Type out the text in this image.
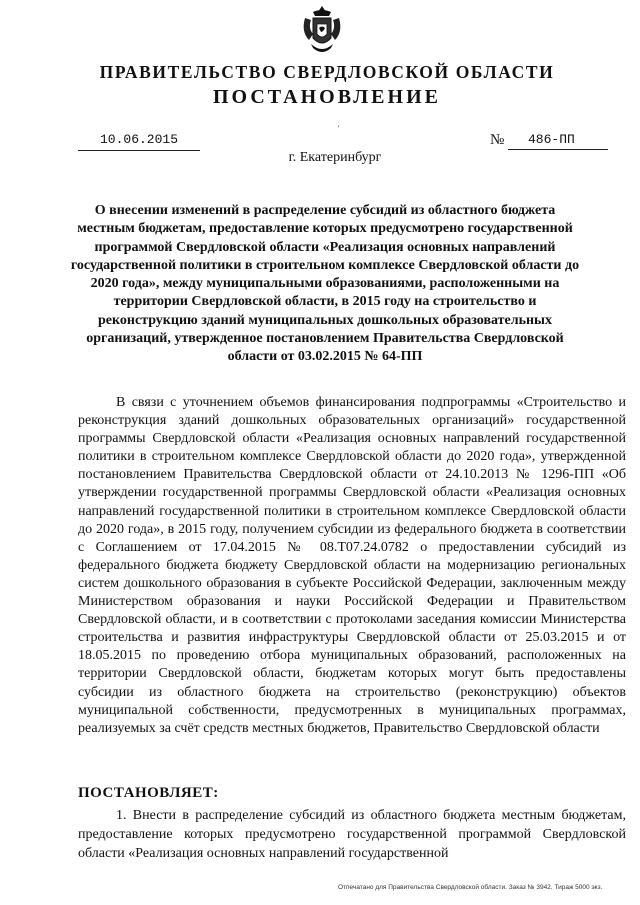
ПРАВИТЕЛЬСТВО СВЕРДЛОВСКОЙ ОБЛАСТИ
ПОСТАНОВЛЕНИЕ
10.06.2015
'
№	486-ПП
г. Екатеринбург
О внесении изменений в распределение субсидий из областного бюджета местным бюджетам, предоставление которых предусмотрено государственной программой Свердловской области «Реализация основных направлений государственной политики в строительном комплексе Свердловской области до 2020 года», между муниципальными образованиями, расположенными на территории Свердловской области, в 2015 году на строительство и реконструкцию зданий муниципальных дошкольных образовательных организаций, утвержденное постановлением Правительства Свердловской области от 03.02.2015 № 64-ПП
В связи с уточнением объемов финансирования подпрограммы «Строительство и реконструкция зданий дошкольных образовательных организаций» государственной программы Свердловской области «Реализация основных направлений государственной политики в строительном комплексе Свердловской области до 2020 года», утвержденной постановлением Правительства Свердловской области от 24.10.2013 № 1296-ПП «Об утверждении государственной программы Свердловской области «Реализация основных направлений государственной политики в строительном комплексе Свердловской области до 2020 года», в 2015 году, получением субсидии из федерального бюджета в соответствии с Соглашением от 17.04.2015 № 08.Т07.24.0782 о предоставлении субсидий из федерального бюджета бюджету Свердловской области на модернизацию региональных систем дошкольного образования в субъекте Российской Федерации, заключенным между Министерством образования и науки Российской Федерации и Правительством Свердловской области, и в соответствии с протоколами заседания комиссии Министерства строительства и развития инфраструктуры Свердловской области от 25.03.2015 и от 18.05.2015 по проведению отбора муниципальных образований, расположенных на территории Свердловской области, бюджетам которых могут быть предоставлены субсидии из областного бюджета на строительство (реконструкцию) объектов муниципальной собственности, предусмотренных в муниципальных программах, реализуемых за счёт средств местных бюджетов, Правительство Свердловской области
ПОСТАНОВЛЯЕТ:
1. Внести в распределение субсидий из областного бюджета местным бюджетам, предоставление которых предусмотрено государственной программой Свердловской области «Реализация основных направлений государственной
Отпечатано для Правительства Свердловской области. Заказ № 3942. Тираж 5000 экз.
